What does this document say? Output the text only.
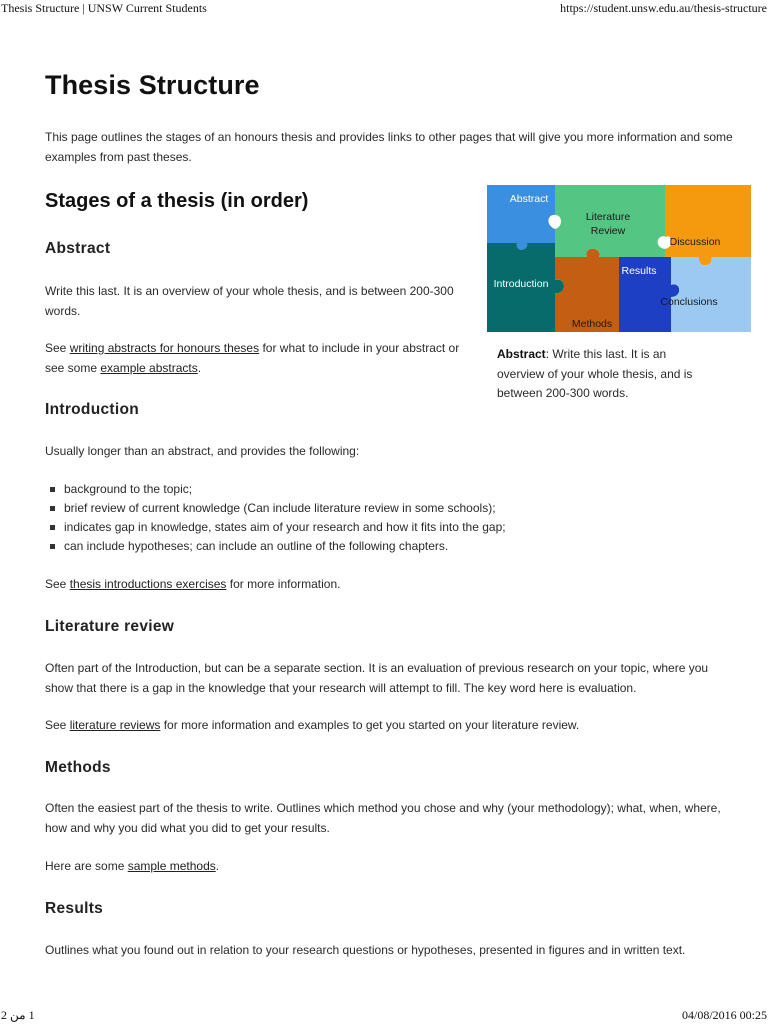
Thesis Structure | UNSW Current Students	https://student.unsw.edu.au/thesis-structure
Thesis Structure

This page outlines the stages of an honours thesis and provides links to other pages that will give you more information and some examples from past theses.

Stages of a thesis (in order)	Abstract
Literature
Review
Discussion
Introduction
Results
Conclusions
Methods

Abstract: Write this last. It is an overview of your whole thesis, and is between 200-300 words.

Abstract

Write this last. It is an overview of your whole thesis, and is between 200-300 words.

See writing abstracts for honours theses for what to include in your abstract or see some example abstracts.

Introduction

Usually longer than an abstract, and provides the following:

background to the topic;
brief review of current knowledge (Can include literature review in some schools);
indicates gap in knowledge, states aim of your research and how it fits into the gap;
can include hypotheses; can include an outline of the following chapters.

See thesis introductions exercises for more information.

Literature review

Often part of the Introduction, but can be a separate section. It is an evaluation of previous research on your topic, where you show that there is a gap in the knowledge that your research will attempt to fill. The key word here is evaluation.

See literature reviews for more information and examples to get you started on your literature review.

Methods

Often the easiest part of the thesis to write. Outlines which method you chose and why (your methodology); what, when, where, how and why you did what you did to get your results.

Here are some sample methods.

Results

Outlines what you found out in relation to your research questions or hypotheses, presented in figures and in written text.

1 من 2	04/08/2016 00:25
